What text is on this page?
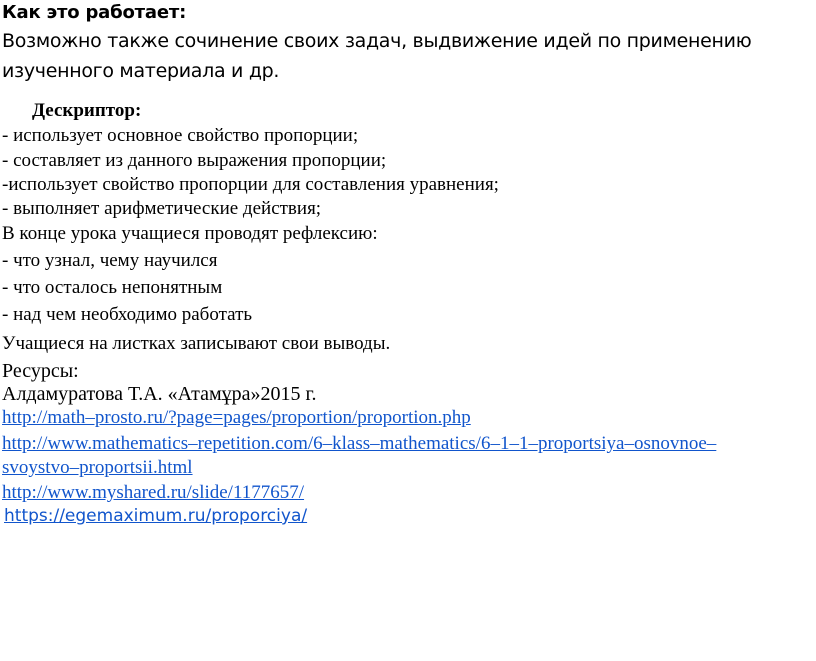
Как это работает:
Возможно также сочинение своих задач, выдвижение идей по применению
изученного материала и др.
Дескриптор:
- использует основное свойство пропорции;
- составляет из данного выражения пропорции;
-использует свойство пропорции для составления уравнения;
- выполняет арифметические действия;
В конце урока учащиеся проводят рефлексию:
- что узнал, чему научился
- что осталось непонятным
- над чем необходимо работать
Учащиеся на листках записывают свои выводы.
Ресурсы:
Алдамуратова Т.А. «Атамұра»2015 г.
http://math–prosto.ru/?page=pages/proportion/proportion.php
http://www.mathematics–repetition.com/6–klass–mathematics/6–1–1–proportsiya–osnovnoe–
svoystvo–proportsii.html
http://www.myshared.ru/slide/1177657/
https://egemaximum.ru/proporciya/
